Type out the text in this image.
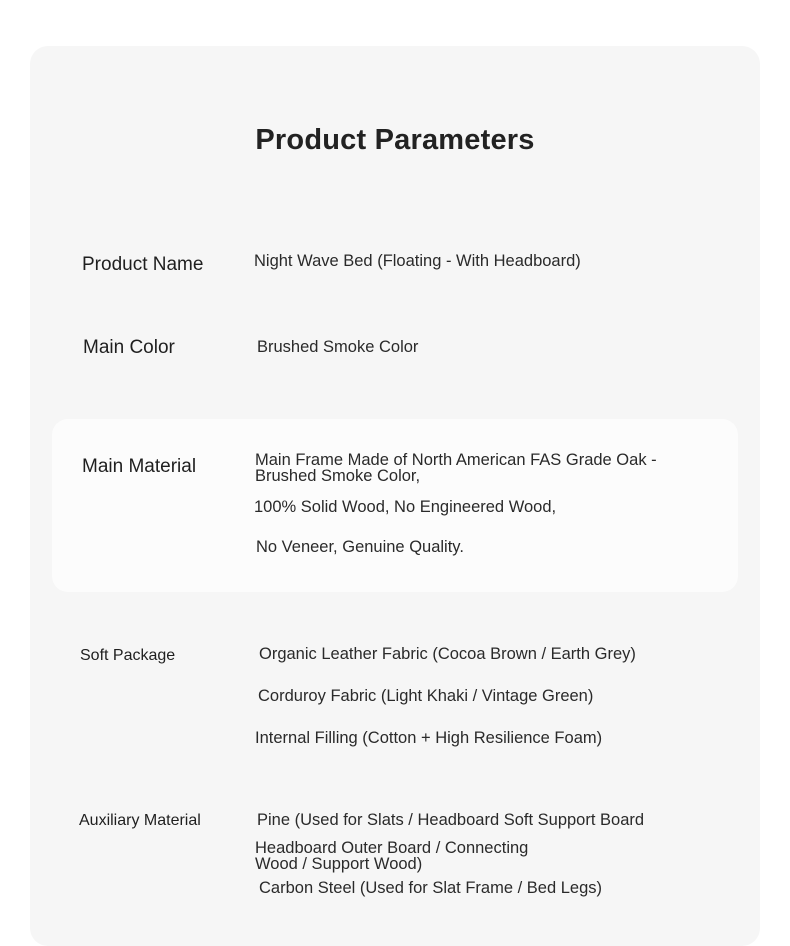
Product Parameters
Product Name	Night Wave Bed (Floating - With Headboard)
Main Color	Brushed Smoke Color
Main Material	Main Frame Made of North American FAS Grade Oak - Brushed Smoke Color,
100% Solid Wood, No Engineered Wood,
No Veneer, Genuine Quality.
Soft Package	Organic Leather Fabric (Cocoa Brown / Earth Grey)
Corduroy Fabric (Light Khaki / Vintage Green)
Internal Filling (Cotton + High Resilience Foam)
Auxiliary Material	Pine (Used for Slats / Headboard Soft Support Board
Headboard Outer Board / Connecting Wood / Support Wood)
Carbon Steel (Used for Slat Frame / Bed Legs)
